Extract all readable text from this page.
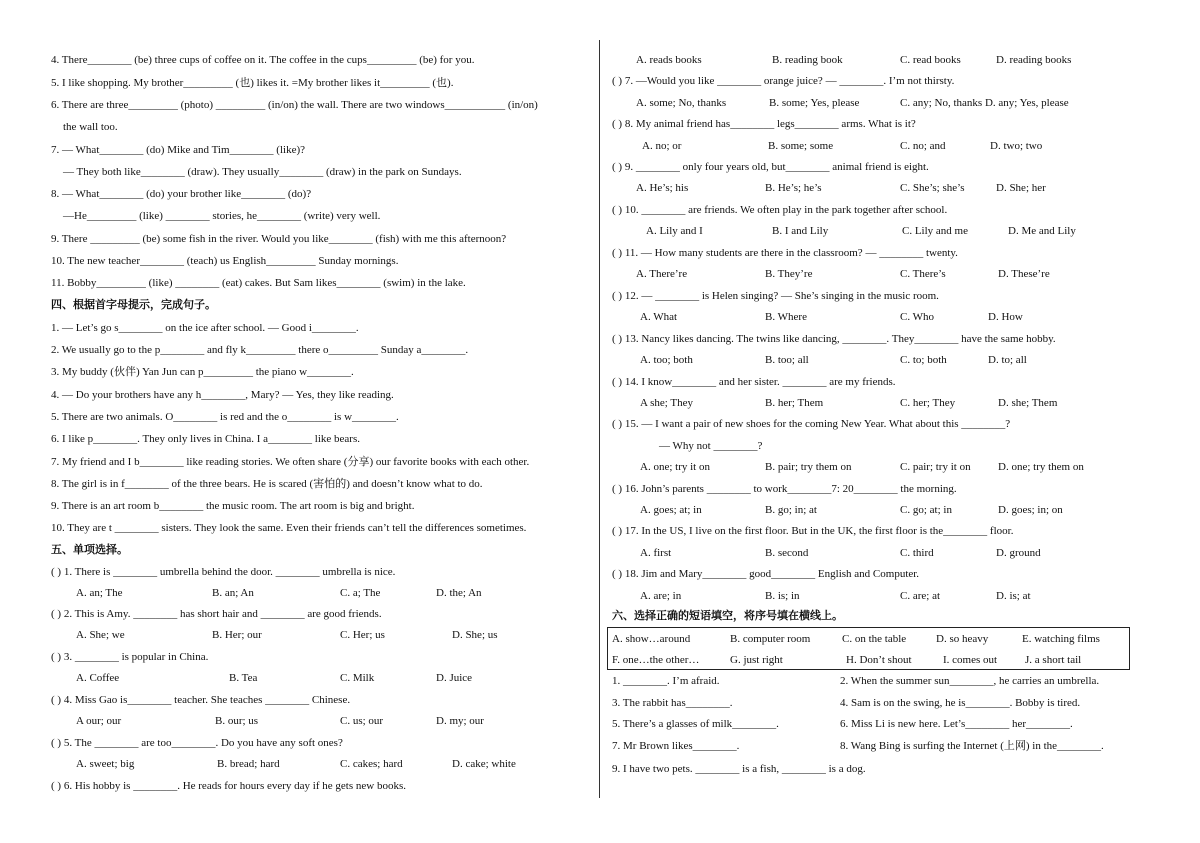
4. There________ (be) three cups of coffee on it. The coffee in the cups_________ (be) for you.
5. I like shopping. My brother_________ (也) likes it. =My brother likes it_________ (也).
6. There are three_________ (photo) _________ (in/on) the wall. There are two windows___________ (in/on)
the wall too.
7. — What________ (do) Mike and Tim________ (like)?
— They both like________ (draw). They usually________ (draw) in the park on Sundays.
8. — What________ (do) your brother like________ (do)?
—He_________ (like) ________ stories, he________ (write) very well.
9. There _________ (be) some fish in the river. Would you like________ (fish) with me this afternoon?
10. The new teacher________ (teach) us English_________ Sunday mornings.
11. Bobby_________ (like) ________ (eat) cakes. But Sam likes________ (swim) in the lake.
四、根据首字母提示，完成句子。
1. — Let’s go s________ on the ice after school. — Good i________.
2. We usually go to the p________ and fly k_________ there o_________ Sunday a________.
3. My buddy (伙伴) Yan Jun can p_________ the piano w________.
4. — Do your brothers have any h________, Mary? — Yes, they like reading.
5. There are two animals. O________ is red and the o________ is w________.
6. I like p________. They only lives in China. I a________ like bears.
7. My friend and I b________ like reading stories. We often share (分享) our favorite books with each other.
8. The girl is in f________ of the three bears. He is scared (害怕的) and doesn’t know what to do.
9. There is an art room b________ the music room. The art room is big and bright.
10. They are t ________ sisters. They look the same. Even their friends can’t tell the differences sometimes.
五、单项选择。
( ) 1. There is ________ umbrella behind the door. ________ umbrella is nice.
A. an; The	B. an; An	C. a; The	D. the; An
( ) 2. This is Amy. ________ has short hair and ________ are good friends.
A. She; we	B. Her; our	C. Her; us	D. She; us
( ) 3. ________ is popular in China.
A. Coffee	B. Tea	C. Milk	D. Juice
( ) 4. Miss Gao is________ teacher. She teaches ________ Chinese.
A our; our	B. our; us	C. us; our	D. my; our
( ) 5. The ________ are too________. Do you have any soft ones?
A. sweet; big	B. bread; hard	C. cakes; hard	D. cake; white
( ) 6. His hobby is ________. He reads for hours every day if he gets new books.
A. reads books	B. reading book	C. read books	D. reading books
( ) 7. —Would you like ________ orange juice? — ________. I’m not thirsty.
A. some; No, thanks	B. some; Yes, please	C. any; No, thanks D. any; Yes, please
( ) 8. My animal friend has________ legs________ arms. What is it?
A. no; or	B. some; some	C. no; and	D. two; two
( ) 9. ________ only four years old, but________ animal friend is eight.
A. He’s; his	B. He’s; he’s	C. She’s; she’s	D. She; her
( ) 10. ________ are friends. We often play in the park together after school.
A. Lily and I	B. I and Lily	C. Lily and me	D. Me and Lily
( ) 11. — How many students are there in the classroom? — ________ twenty.
A. There’re	B. They’re	C. There’s	D. These’re
( ) 12. — ________ is Helen singing? — She’s singing in the music room.
A. What	B. Where	C. Who	D. How
( ) 13. Nancy likes dancing. The twins like dancing, ________. They________ have the same hobby.
A. too; both	B. too; all	C. to; both	D. to; all
( ) 14. I know________ and her sister. ________ are my friends.
A she; They	B. her; Them	C. her; They	D. she; Them
( ) 15. — I want a pair of new shoes for the coming New Year. What about this ________?
— Why not ________?
A. one; try it on	B. pair; try them on	C. pair; try it on D. one; try them on
( ) 16. John’s parents ________ to work________7: 20________ the morning.
A. goes; at; in	B. go; in; at	C. go; at; in	D. goes; in; on
( ) 17. In the US, I live on the first floor. But in the UK, the first floor is the________ floor.
A. first	B. second	C. third	D. ground
( ) 18. Jim and Mary________ good________ English and Computer.
A. are; in	B. is; in	C. are; at	D. is; at
六、选择正确的短语填空，将序号填在横线上。
A. show…around	B. computer room	C. on the table	D. so heavy	E. watching films
F. one…the other…	G. just right	H. Don’t shout	I. comes out	J. a short tail
1. ________. I’m afraid.	2. When the summer sun________, he carries an umbrella.
3. The rabbit has________.	4. Sam is on the swing, he is________. Bobby is tired.
5. There’s a glasses of milk________.	6. Miss Li is new here. Let’s________ her________.
7. Mr Brown likes________.	8. Wang Bing is surfing the Internet (上网) in the________.
9. I have two pets. ________ is a fish, ________ is a dog.
